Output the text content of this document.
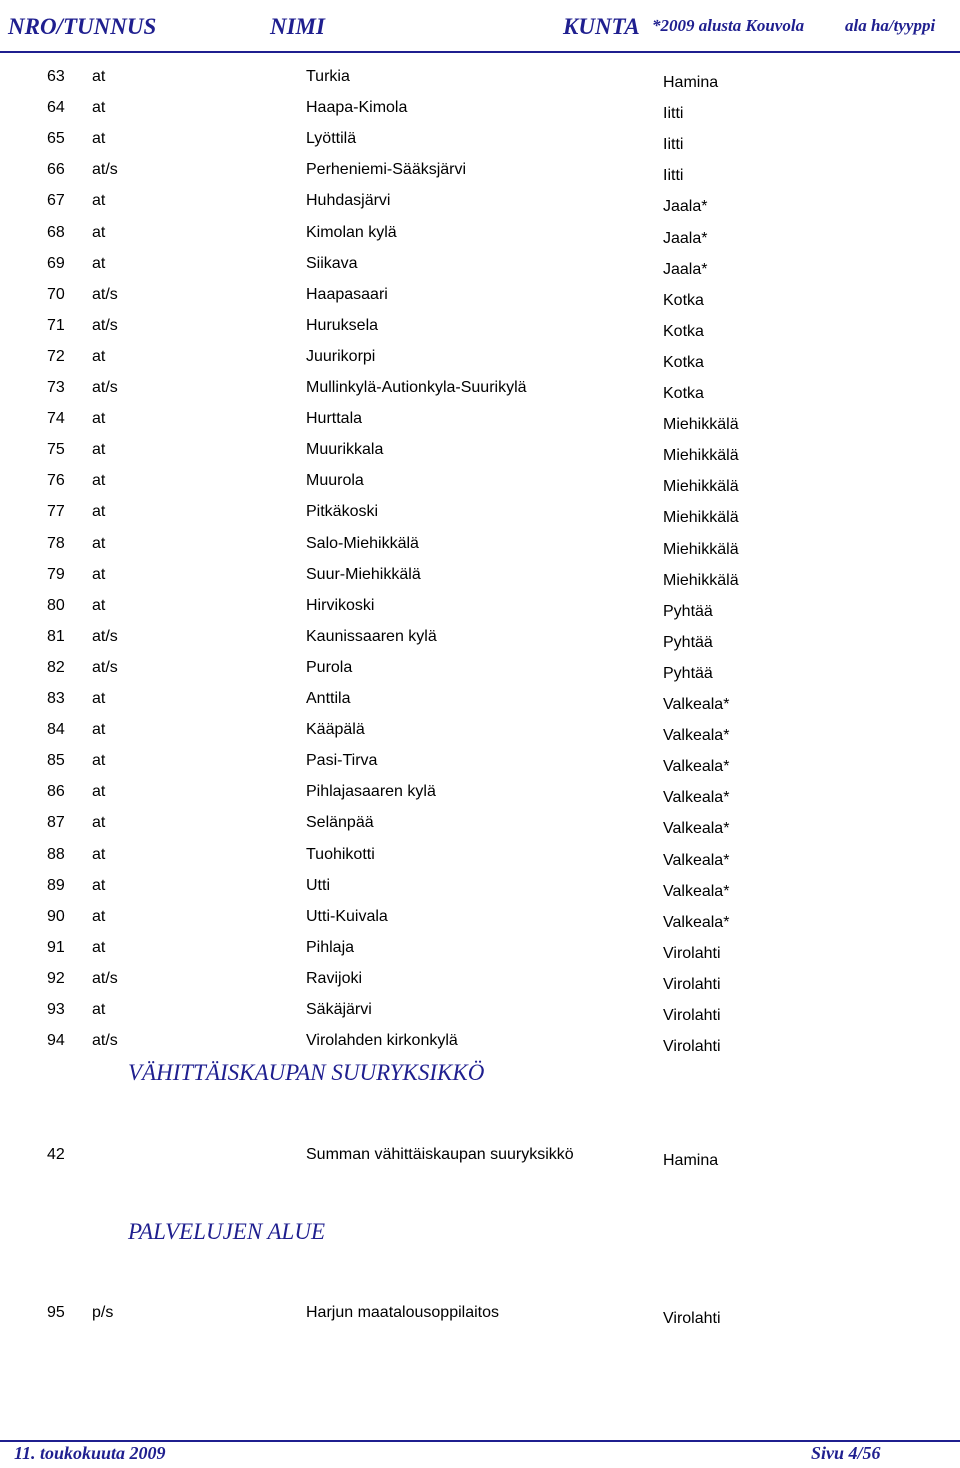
NRO/TUNNUS	NIMI	KUNTA *2009 alusta Kouvola ala ha/tyyppi
63 at	Turkia	Hamina
64 at	Haapa-Kimola	Iitti
65 at	Lyöttilä	Iitti
66 at/s	Perheniemi-Sääksjärvi	Iitti
67 at	Huhdasjärvi	Jaala*
68 at	Kimolan kylä	Jaala*
69 at	Siikava	Jaala*
70 at/s	Haapasaari	Kotka
71 at/s	Huruksela	Kotka
72 at	Juurikorpi	Kotka
73 at/s	Mullinkylä-Autionkyla-Suurikylä	Kotka
74 at	Hurttala	Miehikkälä
75 at	Muurikkala	Miehikkälä
76 at	Muurola	Miehikkälä
77 at	Pitkäkoski	Miehikkälä
78 at	Salo-Miehikkälä	Miehikkälä
79 at	Suur-Miehikkälä	Miehikkälä
80 at	Hirvikoski	Pyhtää
81 at/s	Kaunissaaren kylä	Pyhtää
82 at/s	Purola	Pyhtää
83 at	Anttila	Valkeala*
84 at	Kääpälä	Valkeala*
85 at	Pasi-Tirva	Valkeala*
86 at	Pihlajasaaren kylä	Valkeala*
87 at	Selänpää	Valkeala*
88 at	Tuohikotti	Valkeala*
89 at	Utti	Valkeala*
90 at	Utti-Kuivala	Valkeala*
91 at	Pihlaja	Virolahti
92 at/s	Ravijoki	Virolahti
93 at	Säkäjärvi	Virolahti
94 at/s	Virolahden kirkonkylä	Virolahti
VÄHITTÄISKAUPAN SUURYKSIKKÖ
42	Summan vähittäiskaupan suuryksikkö	Hamina
PALVELUJEN ALUE
95 p/s	Harjun maatalousoppilaitos	Virolahti
11. toukokuuta 2009	Sivu 4/56
